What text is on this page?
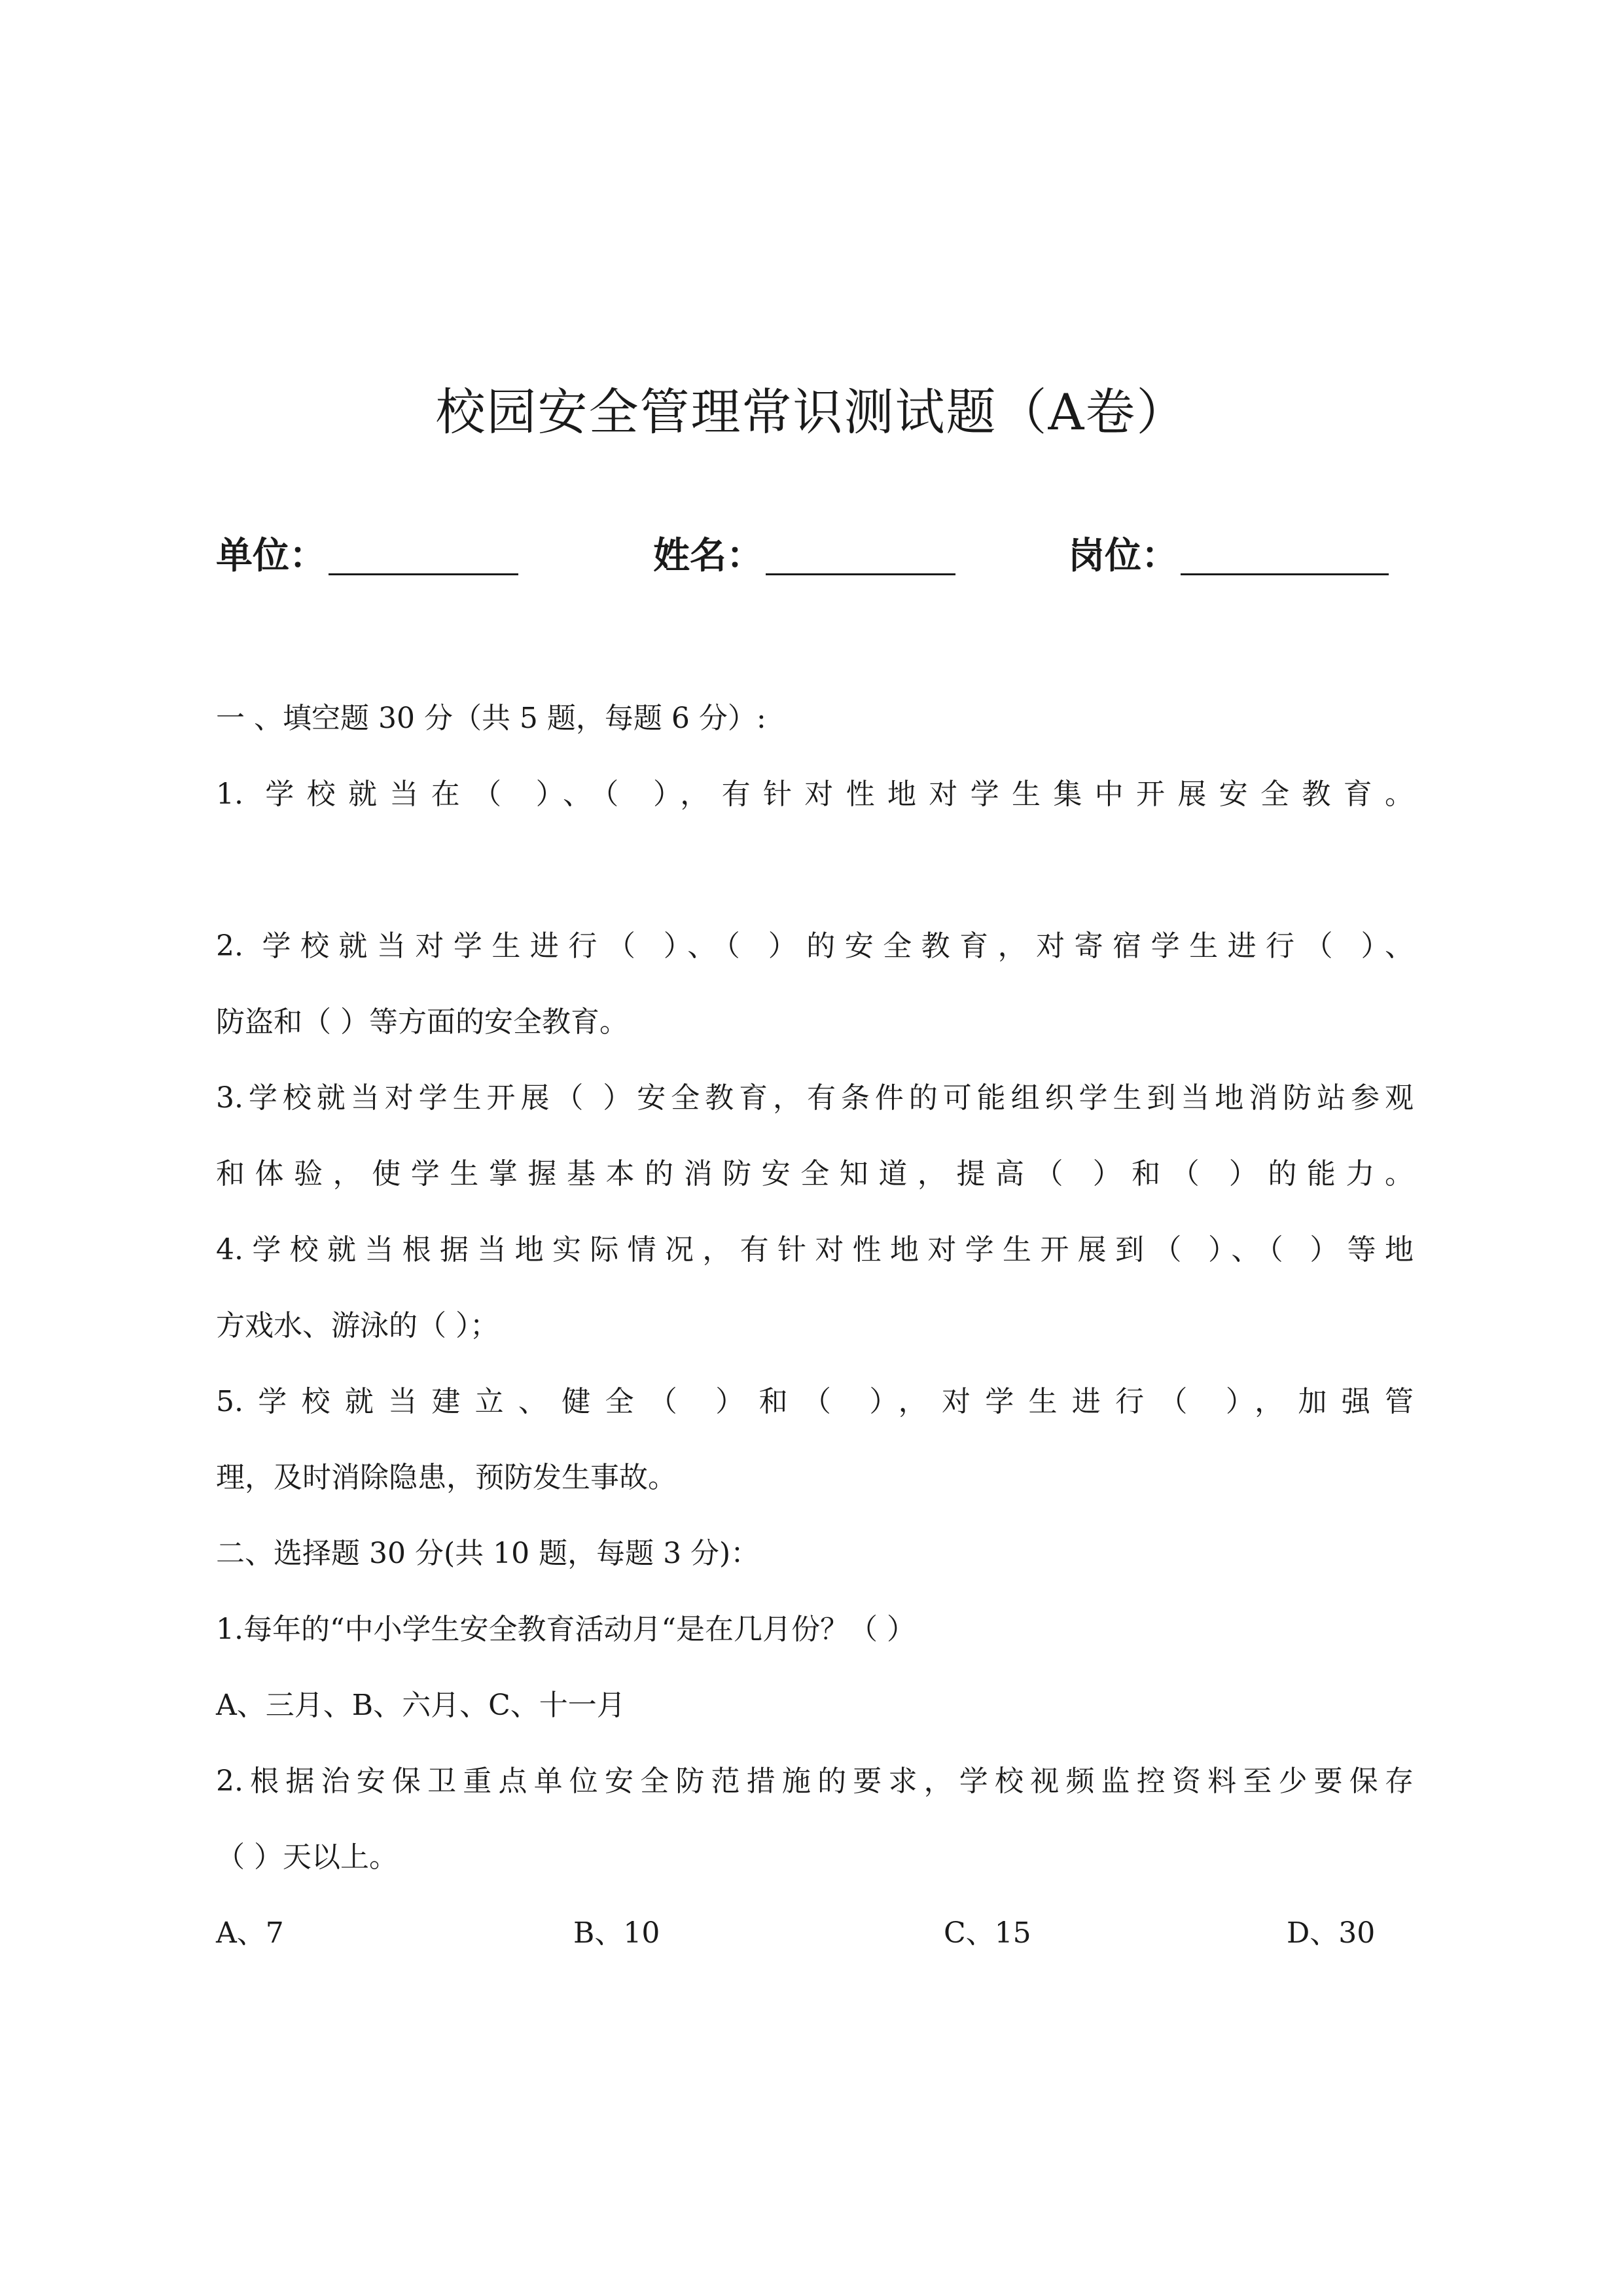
校园安全管理常识测试题（A卷）
单位：	姓名：	岗位：
一 、填空题 30 分（共 5 题，每题 6 分）:
1. 学校就当在（ ）、（ ），有针对性地对学生集中开展安全教育。
2. 学校就当对学生进行（ ）、（ ）的安全教育，对寄宿学生进行（ ）、
防盗和（ ）等方面的安全教育。
3.学校就当对学生开展（ ）安全教育，有条件的可能组织学生到当地消防站参观
和体验，使学生掌握基本的消防安全知道，提高（ ）和（ ）的能力。
4.学校就当根据当地实际情况，有针对性地对学生开展到（ ）、（ ）等地
方戏水、游泳的（ ）；
5.学校就当建立、健全（ ）和（ ），对学生进行（ ），加强管
理，及时消除隐患，预防发生事故。
二、选择题 30 分(共 10 题，每题 3 分)：
1.每年的“中小学生安全教育活动月“是在几月份？（ ）
A、三月、B、六月、C、十一月
2.根据治安保卫重点单位安全防范措施的要求，学校视频监控资料至少要保存
（ ）天以上。
A、7	B、10	C、15	D、30
